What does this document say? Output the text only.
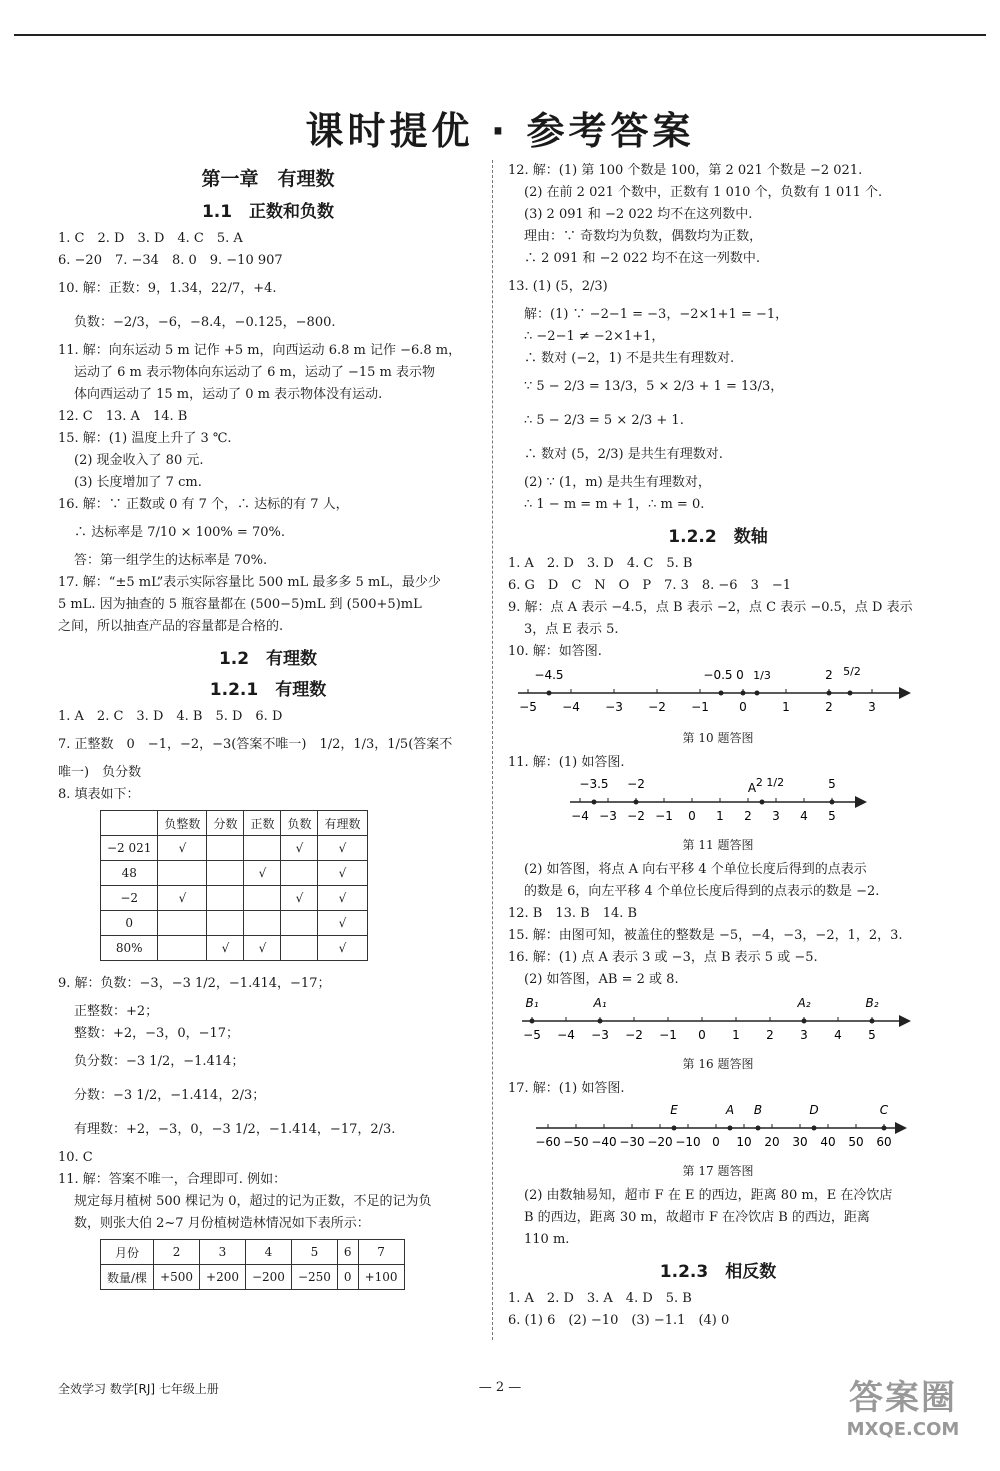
课时提优 · 参考答案
第一章　有理数
1.1　正数和负数
1. C　2. D　3. D　4. C　5. A
6. −20　7. −34　8. 0　9. −10 907
10. 解：正数：9，1.34，22/7，+4.
负数：−2/3，−6，−8.4，−0.125，−800.
11. 解：向东运动 5 m 记作 +5 m，向西运动 6.8 m 记作 −6.8 m，
运动了 6 m 表示物体向东运动了 6 m，运动了 −15 m 表示物
体向西运动了 15 m，运动了 0 m 表示物体没有运动.
12. C　13. A　14. B
15. 解：(1) 温度上升了 3 ℃.
(2) 现金收入了 80 元.
(3) 长度增加了 7 cm.
16. 解：∵ 正数或 0 有 7 个，∴ 达标的有 7 人，
∴ 达标率是 7/10 × 100% = 70%.
答：第一组学生的达标率是 70%.
17. 解：“±5 mL”表示实际容量比 500 mL 最多多 5 mL，最少少
5 mL. 因为抽查的 5 瓶容量都在 (500−5)mL 到 (500+5)mL
之间，所以抽查产品的容量都是合格的.
1.2　有理数
1.2.1　有理数
1. A　2. C　3. D　4. B　5. D　6. D
7. 正整数　0　−1，−2，−3(答案不唯一)　1/2，1/3，1/5(答案不
唯一)　负分数
8. 填表如下：
	负整数	分数	正数	负数	有理数
−2 021	√			√	√
48			√		√
−2	√			√	√
0					√
80%		√	√		√
9. 解：负数：−3，−3 1/2，−1.414，−17；
正整数：+2；
整数：+2，−3，0，−17；
负分数：−3 1/2，−1.414；
分数：−3 1/2，−1.414，2/3；
有理数：+2，−3，0，−3 1/2，−1.414，−17，2/3.
10. C
11. 解：答案不唯一，合理即可. 例如：
规定每月植树 500 棵记为 0，超过的记为正数，不足的记为负
数，则张大伯 2~7 月份植树造林情况如下表所示：
月份	2	3	4	5	6	7
数量/棵	+500	+200	−200	−250	0	+100
12. 解：(1) 第 100 个数是 100，第 2 021 个数是 −2 021.
(2) 在前 2 021 个数中，正数有 1 010 个，负数有 1 011 个.
(3) 2 091 和 −2 022 均不在这列数中.
理由：∵ 奇数均为负数，偶数均为正数，
∴ 2 091 和 −2 022 均不在这一列数中.
13. (1) (5，2/3)
解：(1) ∵ −2−1 = −3，−2×1+1 = −1，
∴ −2−1 ≠ −2×1+1，
∴ 数对 (−2，1) 不是共生有理数对.
∵ 5 − 2/3 = 13/3，5 × 2/3 + 1 = 13/3，
∴ 5 − 2/3 = 5 × 2/3 + 1.
∴ 数对 (5，2/3) 是共生有理数对.
(2) ∵ (1，m) 是共生有理数对，
∴ 1 − m = m + 1，∴ m = 0.
1.2.2　数轴
1. A　2. D　3. D　4. C　5. B
6. G　D　C　N　O　P　7. 3　8. −6　3　−1
9. 解：点 A 表示 −4.5，点 B 表示 −2，点 C 表示 −0.5，点 D 表示
3，点 E 表示 5.
10. 解：如答图.
−5 −4 −3 −2 −1	0	1	2	3
−4.5	−0.5 0 1/3	2 5/2
第 10 题答图
11. 解：(1) 如答图.
−4 −3 −2 −1 0 1 2 3 4 5
−3.5 −2	A 2 1/2	5
第 11 题答图
(2) 如答图，将点 A 向右平移 4 个单位长度后得到的点表示
的数是 6，向左平移 4 个单位长度后得到的点表示的数是 −2.
12. B　13. B　14. B
15. 解：由图可知，被盖住的整数是 −5，−4，−3，−2，1，2，3.
16. 解：(1) 点 A 表示 3 或 −3，点 B 表示 5 或 −5.
(2) 如答图，AB = 2 或 8.
−5 −4 −3 −2 −1 0 1 2 3 4 5
B₁	A₁	A₂	B₂
第 16 题答图
17. 解：(1) 如答图.
−60 −50 −40 −30 −20 −10 0 10 20 30 40 50 60
E	A B	D	C
第 17 题答图
(2) 由数轴易知，超市 F 在 E 的西边，距离 80 m，E 在冷饮店
B 的西边，距离 30 m，故超市 F 在冷饮店 B 的西边，距离
110 m.
1.2.3　相反数
1. A　2. D　3. A　4. D　5. B
6. (1) 6　(2) −10　(3) −1.1　(4) 0
全效学习 数学[RJ] 七年级上册	— 2 —	答案圈
MXQE.COM
